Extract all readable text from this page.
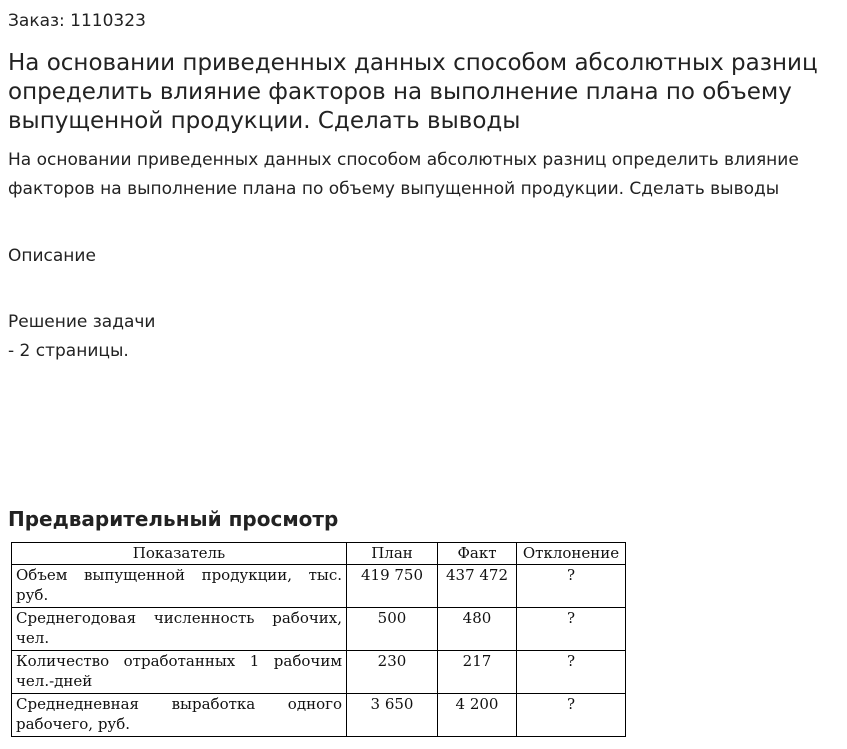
Заказ: 1110323
На основании приведенных данных способом абсолютных разниц определить влияние факторов на выполнение плана по объему выпущенной продукции. Сделать выводы

На основании приведенных данных способом абсолютных разниц определить влияние факторов на выполнение плана по объему выпущенной продукции. Сделать выводы

Описание
Решение задачи
- 2 страницы.
Предварительный просмотр
Показатель	План	Факт	Отклонение
Объем выпущенной продукции, тыс. руб.	419 750	437 472	?
Среднегодовая численность рабочих, чел.	500	480	?
Количество отработанных 1 рабочим чел.-дней	230	217	?
Среднедневная выработка одного рабочего, руб.	3 650	4 200	?
